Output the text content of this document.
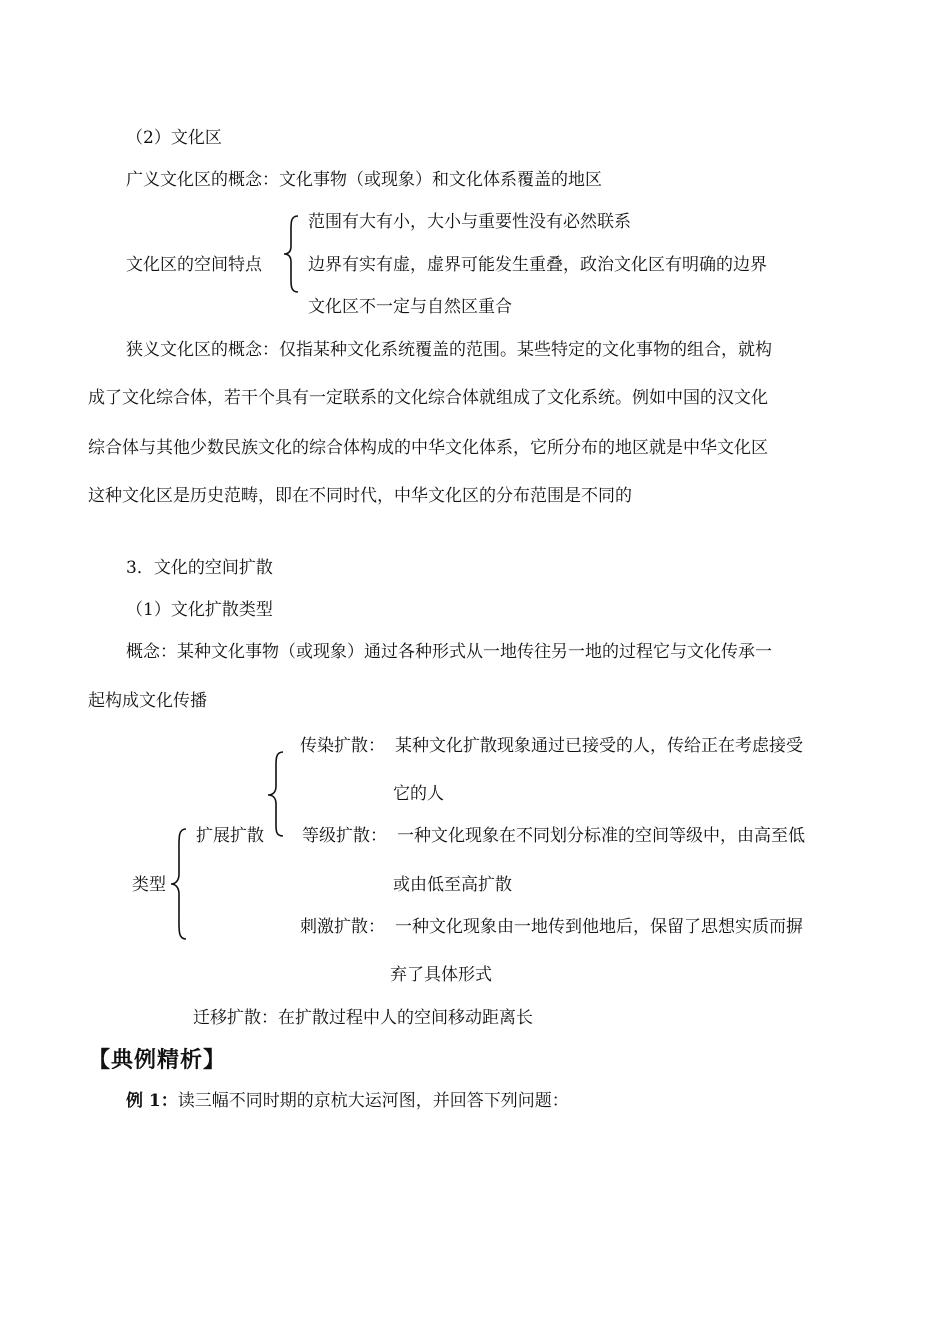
（2）文化区
广义文化区的概念：文化事物（或现象）和文化体系覆盖的地区
文化区的空间特点
范围有大有小，大小与重要性没有必然联系
边界有实有虚，虚界可能发生重叠，政治文化区有明确的边界
文化区不一定与自然区重合
狭义文化区的概念：仅指某种文化系统覆盖的范围。某些特定的文化事物的组合，就构
成了文化综合体，若干个具有一定联系的文化综合体就组成了文化系统。例如中国的汉文化
综合体与其他少数民族文化的综合体构成的中华文化体系，它所分布的地区就是中华文化区
这种文化区是历史范畴，即在不同时代，中华文化区的分布范围是不同的
3．文化的空间扩散
（1）文化扩散类型
概念：某种文化事物（或现象）通过各种形式从一地传往另一地的过程它与文化传承一
起构成文化传播
类型
扩展扩散
传染扩散： 某种文化扩散现象通过已接受的人，传给正在考虑接受
它的人
等级扩散： 一种文化现象在不同划分标准的空间等级中，由高至低
或由低至高扩散
刺激扩散： 一种文化现象由一地传到他地后，保留了思想实质而摒
弃了具体形式
迁移扩散：在扩散过程中人的空间移动距离长
【典例精析】
例 1：读三幅不同时期的京杭大运河图，并回答下列问题：
